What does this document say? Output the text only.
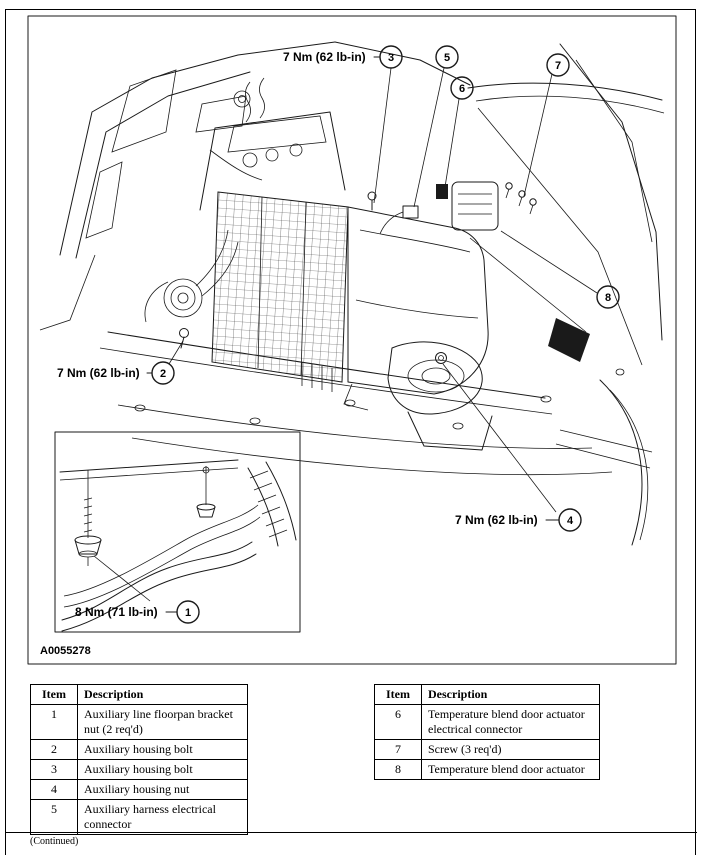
7 Nm (62 lb-in)
7 Nm (62 lb-in)
7 Nm (62 lb-in)
8 Nm (71 lb-in)
3	5
6
7
8
2
4
1
A0055278
Item	Description
1	Auxiliary line floorpan bracket nut (2 req'd)
2	Auxiliary housing bolt
3	Auxiliary housing bolt
4	Auxiliary housing nut
5	Auxiliary harness electrical connector
Item	Description
6	Temperature blend door actuator electrical connector
7	Screw (3 req'd)
8	Temperature blend door actuator
(Continued)
